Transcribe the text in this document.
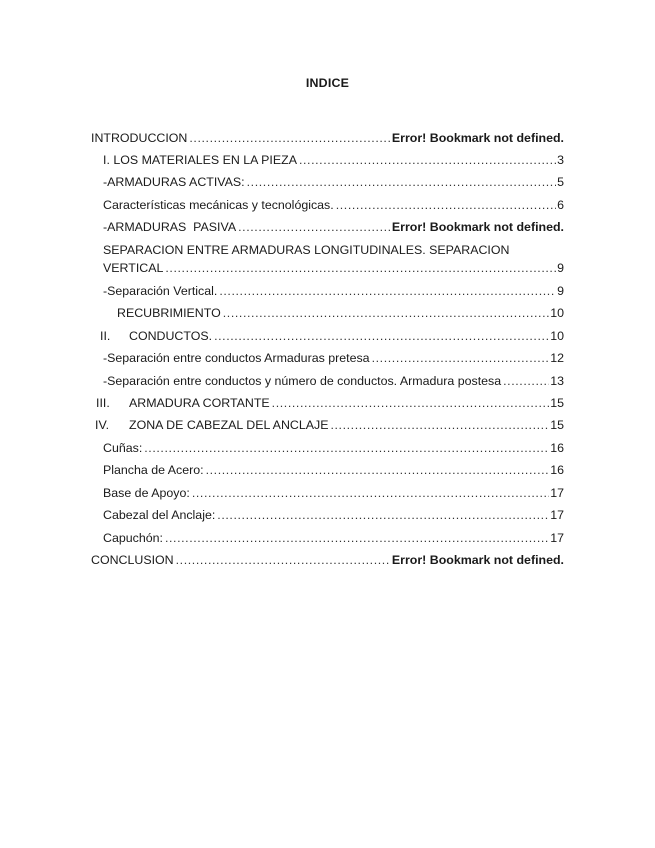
INDICE
INTRODUCCION .....	Error! Bookmark not defined.
I. LOS MATERIALES EN LA PIEZA .....	3
-ARMADURAS ACTIVAS: .....	5
Características mecánicas y tecnológicas. .....	6
-ARMADURAS  PASIVA .....	Error! Bookmark not defined.
SEPARACION ENTRE ARMADURAS LONGITUDINALES. SEPARACION
VERTICAL .....	9
-Separación Vertical. .....	9
RECUBRIMIENTO .....	10
II.	CONDUCTOS. .....	10
-Separación entre conductos Armaduras pretesa .....	12
-Separación entre conductos y número de conductos. Armadura postesa .....	13
III.	ARMADURA CORTANTE .....	15
IV.	ZONA DE CABEZAL DEL ANCLAJE .....	15
Cuñas: .....	16
Plancha de Acero: .....	16
Base de Apoyo: .....	17
Cabezal del Anclaje: .....	17
Capuchón: .....	17
CONCLUSION .....	Error! Bookmark not defined.
